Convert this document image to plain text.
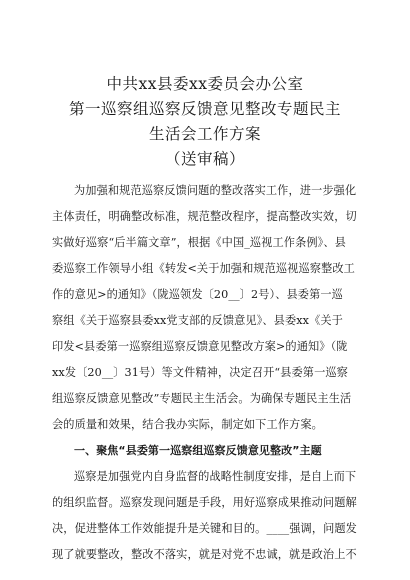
中共xx县委xx委员会办公室
第一巡察组巡察反馈意见整改专题民主
生活会工作方案
（送审稿）
为加强和规范巡察反馈问题的整改落实工作，进一步强化
主体责任，明确整改标准，规范整改程序，提高整改实效，切
实做好巡察“后半篇文章”，根据《中国_巡视工作条例》、县
委巡察工作领导小组《转发<关于加强和规范巡视巡察整改工
作的意见>的通知》（陇巡领发〔20__〕2号）、县委第一巡
察组《关于巡察县委xx党支部的反馈意见》、县委xx《关于
印发<县委第一巡察组巡察反馈意见整改方案>的通知》（陇
xx发〔20__〕31号）等文件精神，决定召开“县委第一巡察
组巡察反馈意见整改”专题民主生活会。为确保专题民主生活
会的质量和效果，结合我办实际，制定如下工作方案。
一、聚焦“县委第一巡察组巡察反馈意见整改”主题
巡察是加强党内自身监督的战略性制度安排，是自上而下
的组织监督。巡察发现问题是手段，用好巡察成果推动问题解
决，促进整体工作效能提升是关键和目的。____强调，问题发
现了就要整改，整改不落实，就是对党不忠诚，就是政治上不
